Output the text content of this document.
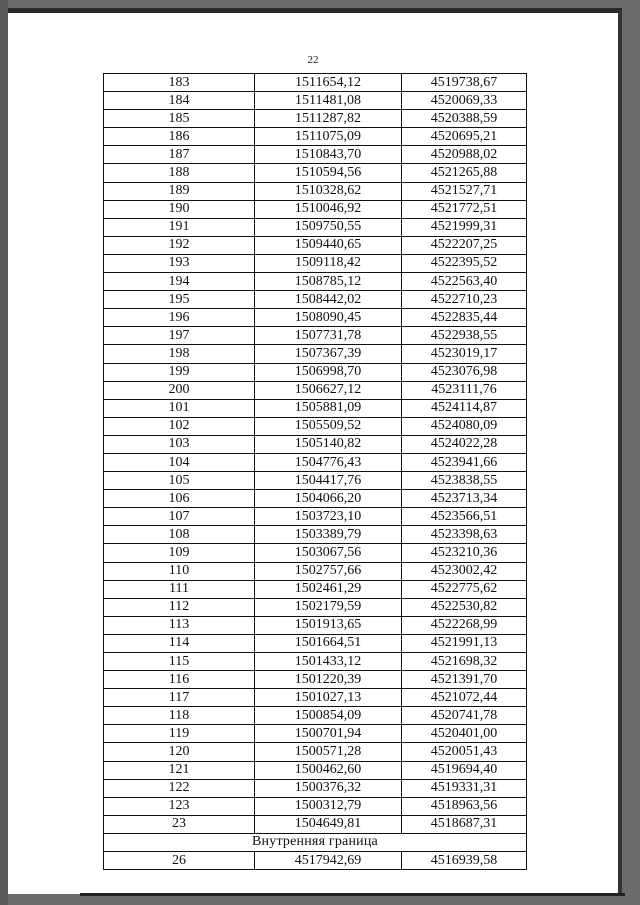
22
183	1511654,12	4519738,67
184	1511481,08	4520069,33
185	1511287,82	4520388,59
186	1511075,09	4520695,21
187	1510843,70	4520988,02
188	1510594,56	4521265,88
189	1510328,62	4521527,71
190	1510046,92	4521772,51
191	1509750,55	4521999,31
192	1509440,65	4522207,25
193	1509118,42	4522395,52
194	1508785,12	4522563,40
195	1508442,02	4522710,23
196	1508090,45	4522835,44
197	1507731,78	4522938,55
198	1507367,39	4523019,17
199	1506998,70	4523076,98
200	1506627,12	4523111,76
101	1505881,09	4524114,87
102	1505509,52	4524080,09
103	1505140,82	4524022,28
104	1504776,43	4523941,66
105	1504417,76	4523838,55
106	1504066,20	4523713,34
107	1503723,10	4523566,51
108	1503389,79	4523398,63
109	1503067,56	4523210,36
110	1502757,66	4523002,42
111	1502461,29	4522775,62
112	1502179,59	4522530,82
113	1501913,65	4522268,99
114	1501664,51	4521991,13
115	1501433,12	4521698,32
116	1501220,39	4521391,70
117	1501027,13	4521072,44
118	1500854,09	4520741,78
119	1500701,94	4520401,00
120	1500571,28	4520051,43
121	1500462,60	4519694,40
122	1500376,32	4519331,31
123	1500312,79	4518963,56
23	1504649,81	4518687,31
Внутренняя граница		
26	4517942,69	4516939,58
